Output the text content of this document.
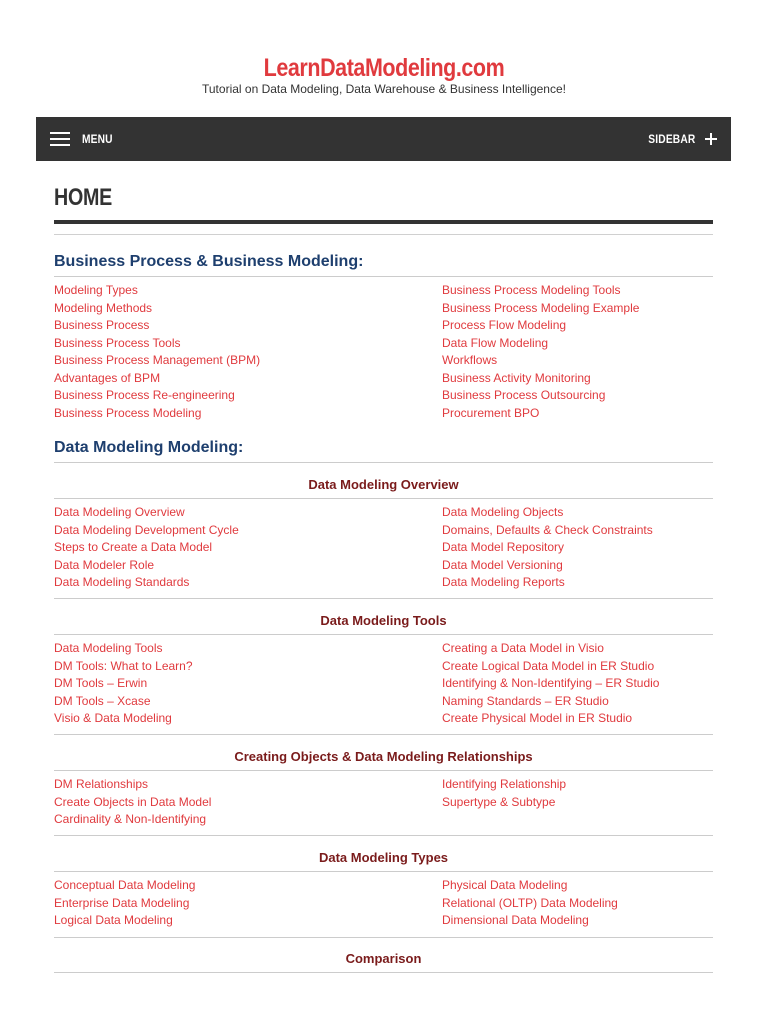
LearnDataModeling.com
Tutorial on Data Modeling, Data Warehouse & Business Intelligence!
MENU	SIDEBAR
HOME
Business Process & Business Modeling:
Modeling Types
Modeling Methods
Business Process
Business Process Tools
Business Process Management (BPM)
Advantages of BPM
Business Process Re-engineering
Business Process Modeling
Business Process Modeling Tools
Business Process Modeling Example
Process Flow Modeling
Data Flow Modeling
Workflows
Business Activity Monitoring
Business Process Outsourcing
Procurement BPO
Data Modeling Modeling:
Data Modeling Overview
Data Modeling Overview
Data Modeling Development Cycle
Steps to Create a Data Model
Data Modeler Role
Data Modeling Standards
Data Modeling Objects
Domains, Defaults & Check Constraints
Data Model Repository
Data Model Versioning
Data Modeling Reports
Data Modeling Tools
Data Modeling Tools
DM Tools: What to Learn?
DM Tools – Erwin
DM Tools – Xcase
Visio & Data Modeling
Creating a Data Model in Visio
Create Logical Data Model in ER Studio
Identifying & Non-Identifying – ER Studio
Naming Standards – ER Studio
Create Physical Model in ER Studio
Creating Objects & Data Modeling Relationships
DM Relationships
Create Objects in Data Model
Cardinality & Non-Identifying
Identifying Relationship
Supertype & Subtype
Data Modeling Types
Conceptual Data Modeling
Enterprise Data Modeling
Logical Data Modeling
Physical Data Modeling
Relational (OLTP) Data Modeling
Dimensional Data Modeling
Comparison
